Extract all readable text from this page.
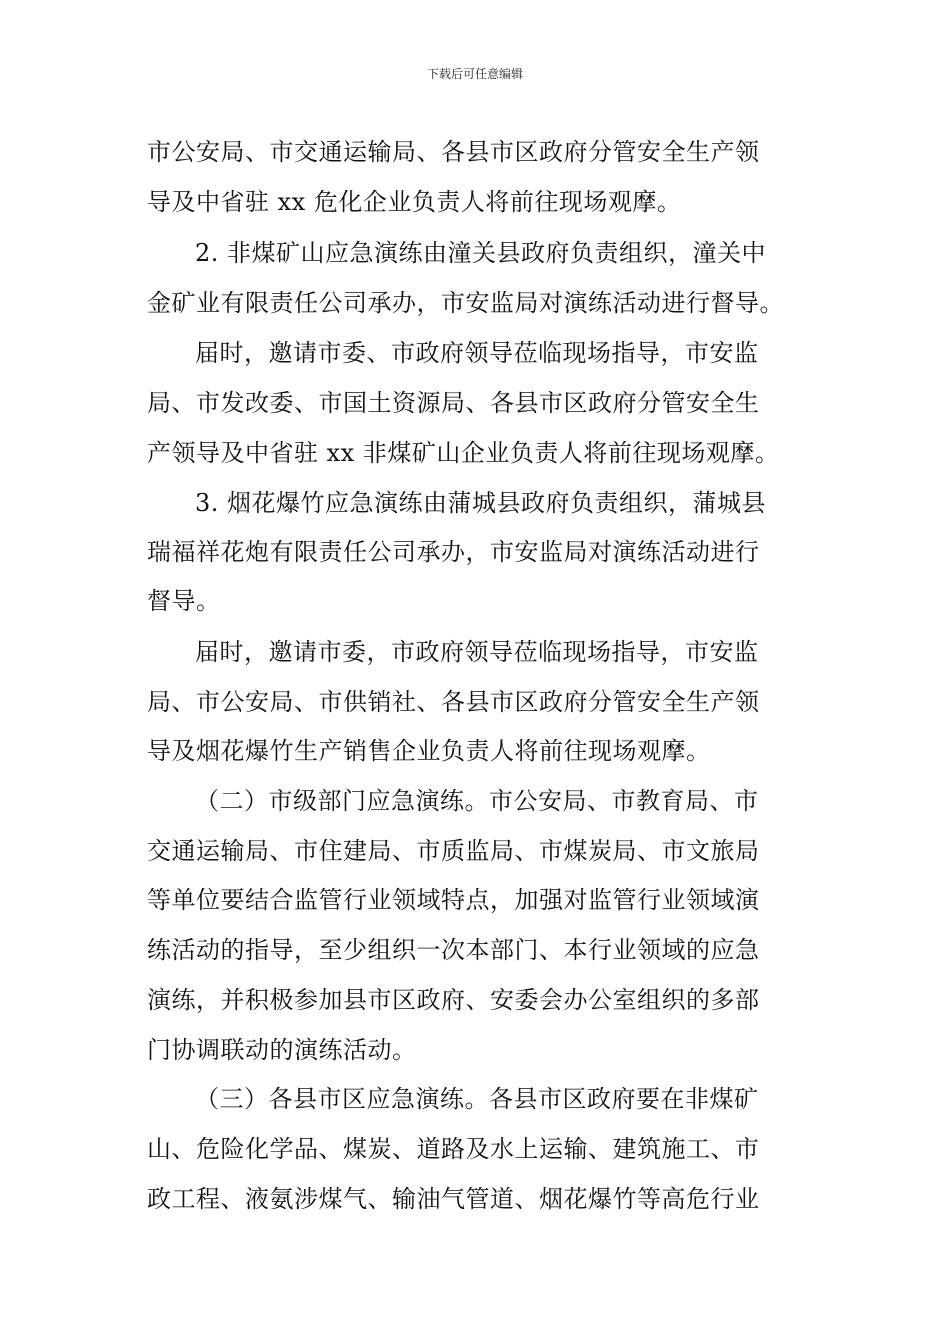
下载后可任意编辑
市公安局、市交通运输局、各县市区政府分管安全生产领
导及中省驻 xx 危化企业负责人将前往现场观摩。
2. 非煤矿山应急演练由潼关县政府负责组织，潼关中
金矿业有限责任公司承办，市安监局对演练活动进行督导。
届时，邀请市委、市政府领导莅临现场指导，市安监
局、市发改委、市国土资源局、各县市区政府分管安全生
产领导及中省驻 xx 非煤矿山企业负责人将前往现场观摩。
3. 烟花爆竹应急演练由蒲城县政府负责组织，蒲城县
瑞福祥花炮有限责任公司承办，市安监局对演练活动进行
督导。
届时，邀请市委，市政府领导莅临现场指导，市安监
局、市公安局、市供销社、各县市区政府分管安全生产领
导及烟花爆竹生产销售企业负责人将前往现场观摩。
（二）市级部门应急演练。市公安局、市教育局、市
交通运输局、市住建局、市质监局、市煤炭局、市文旅局
等单位要结合监管行业领域特点，加强对监管行业领域演
练活动的指导，至少组织一次本部门、本行业领域的应急
演练，并积极参加县市区政府、安委会办公室组织的多部
门协调联动的演练活动。
（三）各县市区应急演练。各县市区政府要在非煤矿
山、危险化学品、煤炭、道路及水上运输、建筑施工、市
政工程、液氨涉煤气、输油气管道、烟花爆竹等高危行业
